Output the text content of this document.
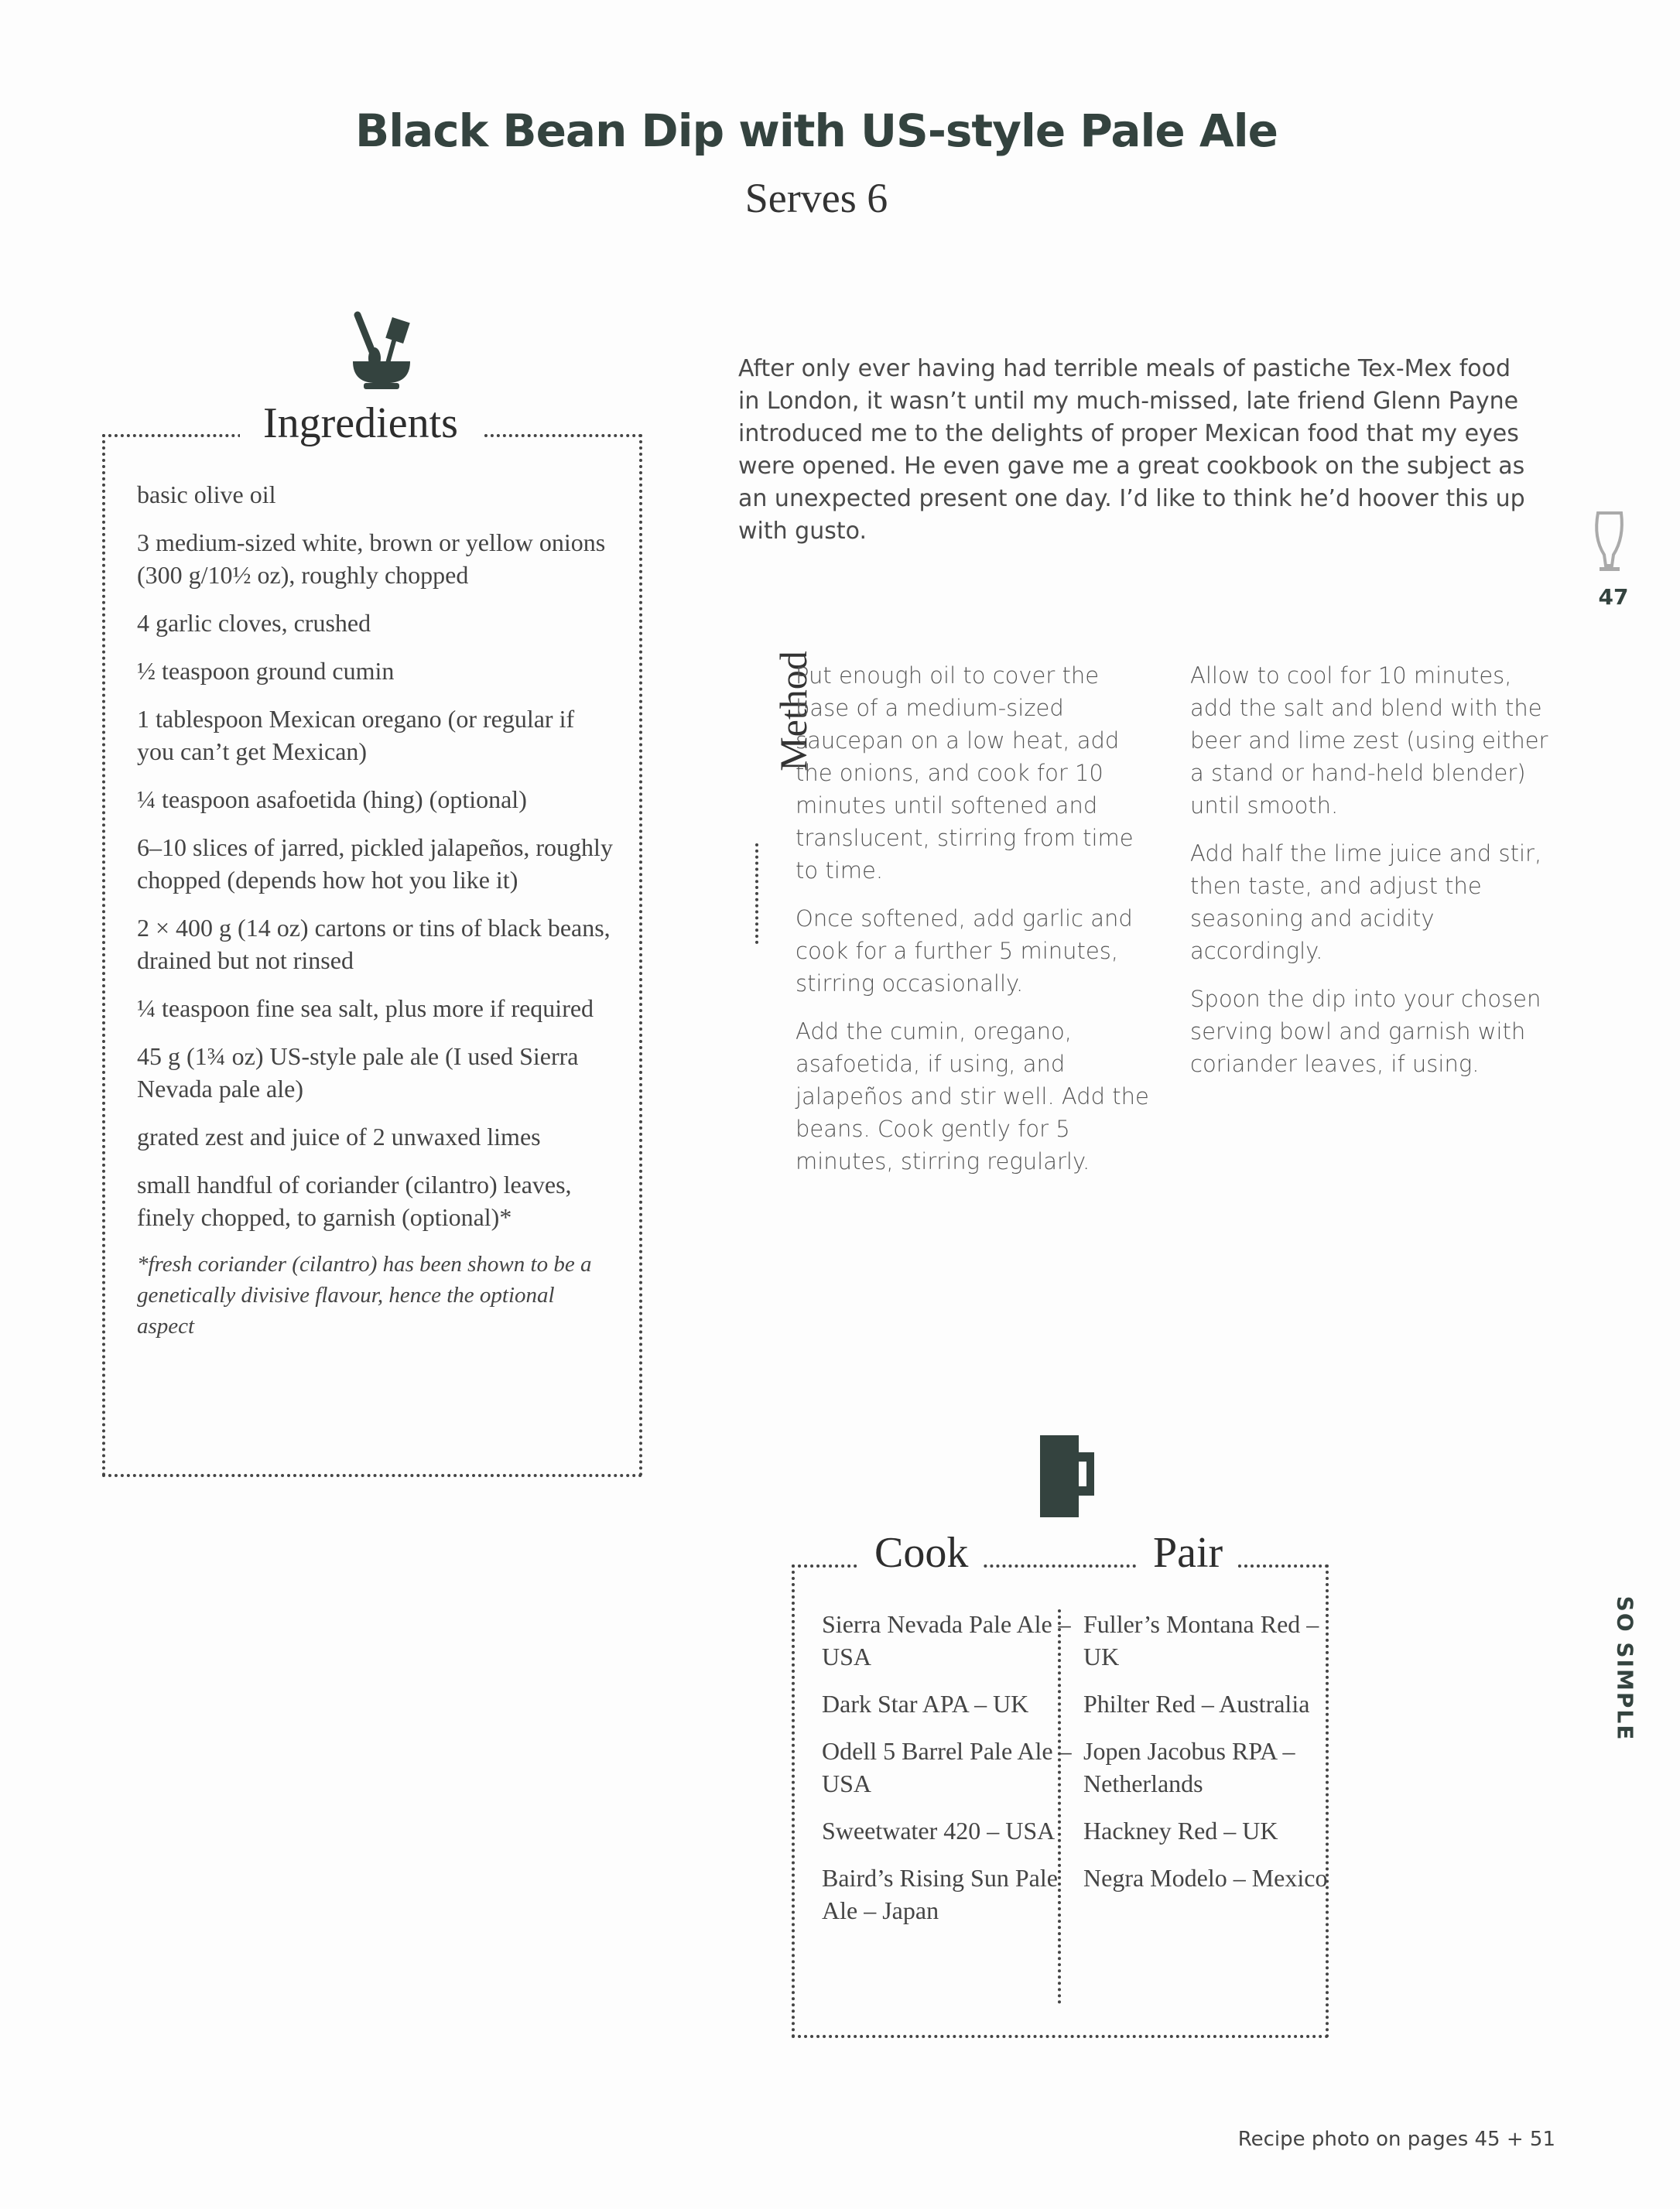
Black Bean Dip with US-style Pale Ale
Serves 6
Ingredients

basic olive oil

3 medium-sized white, brown or yellow onions (300 g/10½ oz), roughly chopped

4 garlic cloves, crushed

½ teaspoon ground cumin

1 tablespoon Mexican oregano (or regular if you can’t get Mexican)

¼ teaspoon asafoetida (hing) (optional)

6–10 slices of jarred, pickled jalapeños, roughly chopped (depends how hot you like it)

2 × 400 g (14 oz) cartons or tins of black beans, drained but not rinsed

¼ teaspoon fine sea salt, plus more if required

45 g (1¾ oz) US-style pale ale (I used Sierra Nevada pale ale)

grated zest and juice of 2 unwaxed limes

small handful of coriander (cilantro) leaves, finely chopped, to garnish (optional)*

*fresh coriander (cilantro) has been shown to be a genetically divisive flavour, hence the optional aspect

After only ever having had terrible meals of pastiche Tex-Mex food in London, it wasn’t until my much-missed, late friend Glenn Payne introduced me to the delights of proper Mexican food that my eyes were opened. He even gave me a great cookbook on the subject as an unexpected present one day. I’d like to think he’d hoover this up with gusto.
Method

Put enough oil to cover the base of a medium-sized saucepan on a low heat, add the onions, and cook for 10 minutes until softened and translucent, stirring from time to time.

Once softened, add garlic and cook for a further 5 minutes, stirring occasionally.

Add the cumin, oregano, asafoetida, if using, and jalapeños and stir well. Add the beans. Cook gently for 5 minutes, stirring regularly.

Allow to cool for 10 minutes, add the salt and blend with the beer and lime zest (using either a stand or hand-held blender) until smooth.

Add half the lime juice and stir, then taste, and adjust the seasoning and acidity accordingly.

Spoon the dip into your chosen serving bowl and garnish with coriander leaves, if using.

47
SO SIMPLE
Cook	Pair

Sierra Nevada Pale Ale – USA

Dark Star APA – UK

Odell 5 Barrel Pale Ale – USA

Sweetwater 420 – USA

Baird’s Rising Sun Pale Ale – Japan

Fuller’s Montana Red – UK

Philter Red – Australia

Jopen Jacobus RPA – Netherlands

Hackney Red – UK

Negra Modelo – Mexico

Recipe photo on pages 45 + 51
